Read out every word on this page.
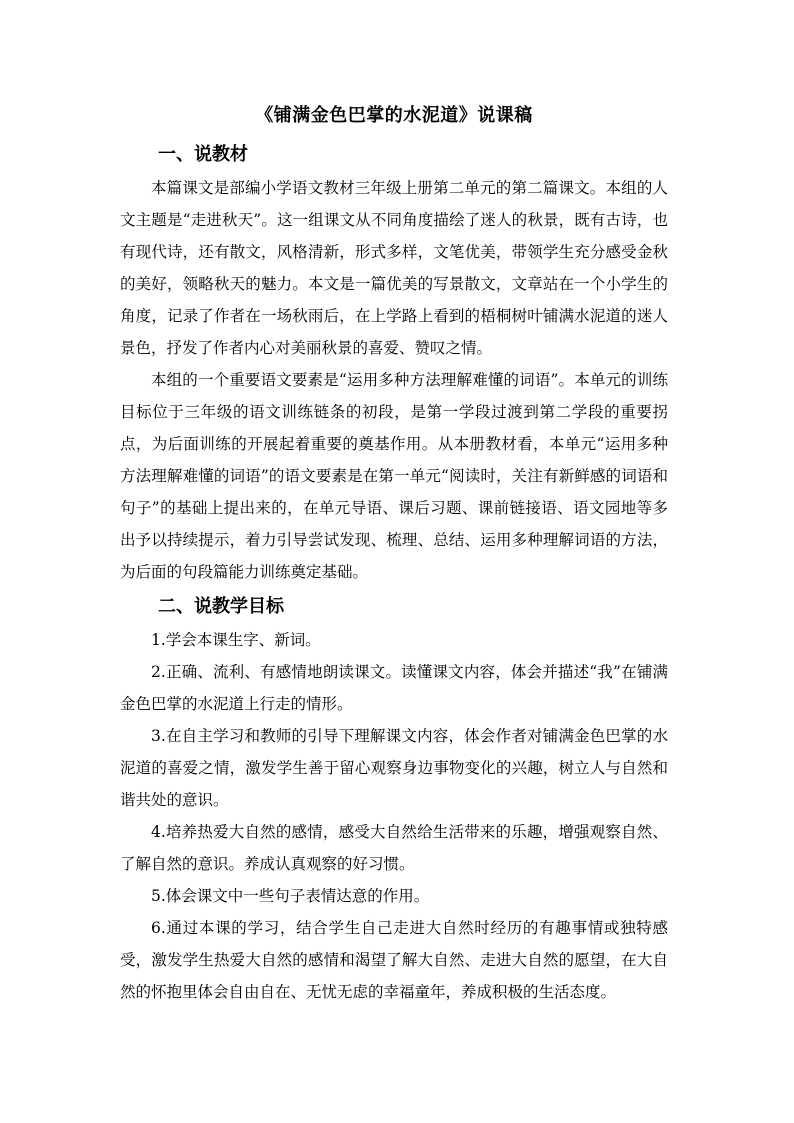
《铺满金色巴掌的水泥道》说课稿
一、说教材

本篇课文是部编小学语文教材三年级上册第二单元的第二篇课文。本组的人文主题是“走进秋天”。这一组课文从不同角度描绘了迷人的秋景，既有古诗，也有现代诗，还有散文，风格清新，形式多样，文笔优美，带领学生充分感受金秋的美好，领略秋天的魅力。本文是一篇优美的写景散文，文章站在一个小学生的角度，记录了作者在一场秋雨后，在上学路上看到的梧桐树叶铺满水泥道的迷人景色，抒发了作者内心对美丽秋景的喜爱、赞叹之情。

本组的一个重要语文要素是“运用多种方法理解难懂的词语”。本单元的训练目标位于三年级的语文训练链条的初段，是第一学段过渡到第二学段的重要拐点，为后面训练的开展起着重要的奠基作用。从本册教材看，本单元“运用多种方法理解难懂的词语”的语文要素是在第一单元“阅读时，关注有新鲜感的词语和句子”的基础上提出来的，在单元导语、课后习题、课前链接语、语文园地等多出予以持续提示，着力引导尝试发现、梳理、总结、运用多种理解词语的方法，为后面的句段篇能力训练奠定基础。

二、说教学目标

1.学会本课生字、新词。

2.正确、流利、有感情地朗读课文。读懂课文内容，体会并描述“我”在铺满金色巴掌的水泥道上行走的情形。

3.在自主学习和教师的引导下理解课文内容，体会作者对铺满金色巴掌的水泥道的喜爱之情，激发学生善于留心观察身边事物变化的兴趣，树立人与自然和谐共处的意识。

4.培养热爱大自然的感情，感受大自然给生活带来的乐趣，增强观察自然、了解自然的意识。养成认真观察的好习惯。

5.体会课文中一些句子表情达意的作用。

6.通过本课的学习，结合学生自己走进大自然时经历的有趣事情或独特感受，激发学生热爱大自然的感情和渴望了解大自然、走进大自然的愿望，在大自然的怀抱里体会自由自在、无忧无虑的幸福童年，养成积极的生活态度。
